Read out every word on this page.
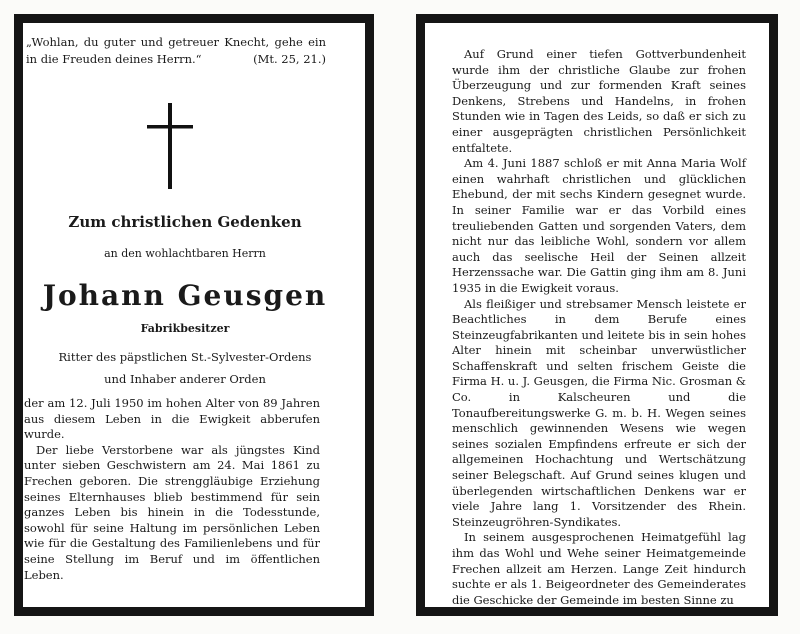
„Wohlan, du guter und getreuer Knecht, gehe ein in die Freuden deines Herrn.“	(Mt. 25, 21.)
Zum christlichen Gedenken
an den wohlachtbaren Herrn
Johann Geusgen
Fabrikbesitzer
Ritter des päpstlichen St.-Sylvester-Ordens
und Inhaber anderer Orden

der am 12. Juli 1950 im hohen Alter von 89 Jahren aus diesem Leben in die Ewigkeit abberufen wurde.

Der liebe Verstorbene war als jüngstes Kind unter sieben Geschwistern am 24. Mai 1861 zu Frechen geboren. Die strenggläubige Erziehung seines Elternhauses blieb bestimmend für sein ganzes Leben bis hinein in die Todesstunde, sowohl für seine Haltung im persönlichen Leben wie für die Gestaltung des Familienlebens und für seine Stellung im Beruf und im öffentlichen Leben.

Auf Grund einer tiefen Gottverbundenheit wurde ihm der christliche Glaube zur frohen Überzeugung und zur formenden Kraft seines Denkens, Strebens und Handelns, in frohen Stunden wie in Tagen des Leids, so daß er sich zu einer ausgeprägten christlichen Persönlichkeit entfaltete.

Am 4. Juni 1887 schloß er mit Anna Maria Wolf einen wahrhaft christlichen und glücklichen Ehebund, der mit sechs Kindern gesegnet wurde. In seiner Familie war er das Vorbild eines treuliebenden Gatten und sorgenden Vaters, dem nicht nur das leibliche Wohl, sondern vor allem auch das seelische Heil der Seinen allzeit Herzenssache war. Die Gattin ging ihm am 8. Juni 1935 in die Ewigkeit voraus.

Als fleißiger und strebsamer Mensch leistete er Beachtliches in dem Berufe eines Steinzeugfabrikanten und leitete bis in sein hohes Alter hinein mit scheinbar unverwüstlicher Schaffenskraft und selten frischem Geiste die Firma H. u. J. Geusgen, die Firma Nic. Grosman & Co. in Kalscheuren und die Tonaufbereitungswerke G. m. b. H. Wegen seines menschlich gewinnenden Wesens wie wegen seines sozialen Empfindens erfreute er sich der allgemeinen Hochachtung und Wertschätzung seiner Belegschaft. Auf Grund seines klugen und überlegenden wirtschaftlichen Denkens war er viele Jahre lang 1. Vorsitzender des Rhein. Steinzeugröhren-Syndikates.

In seinem ausgesprochenen Heimatgefühl lag ihm das Wohl und Wehe seiner Heimatgemeinde Frechen allzeit am Herzen. Lange Zeit hindurch suchte er als 1. Beigeordneter des Gemeinderates die Geschicke der Gemeinde im besten Sinne zu
